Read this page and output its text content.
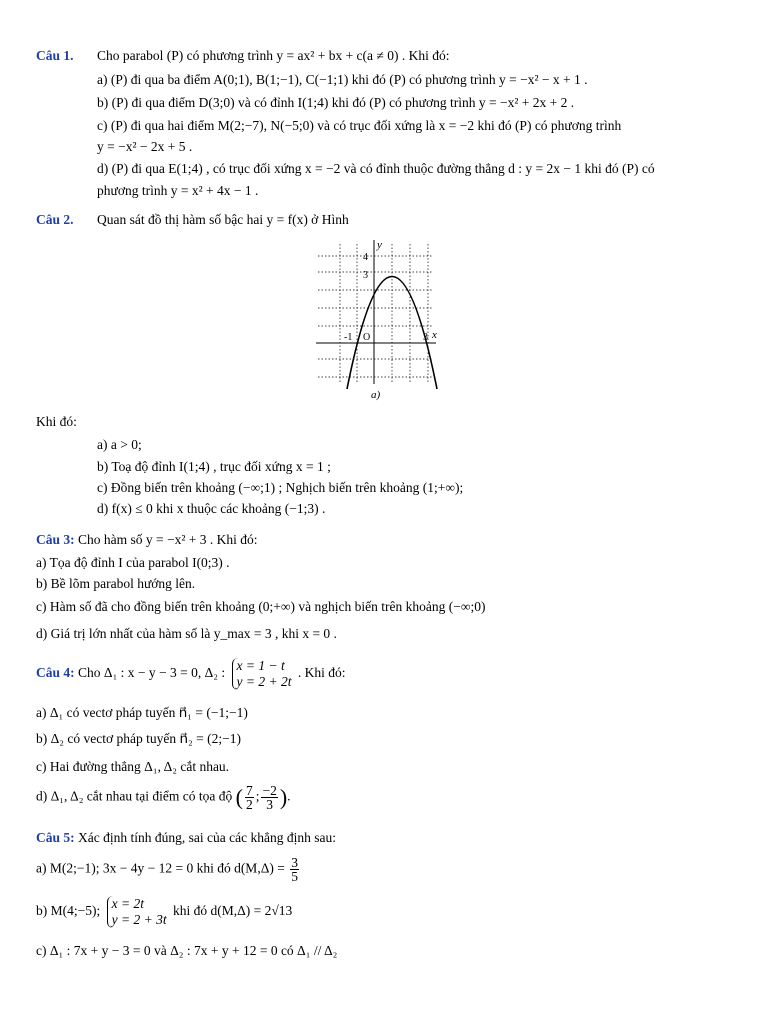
Câu 1. Cho parabol (P) có phương trình y = ax² + bx + c(a ≠ 0) . Khi đó:
a) (P) đi qua ba điểm A(0;1), B(1;−1), C(−1;1) khi đó (P) có phương trình y = −x² − x + 1 .
b) (P) đi qua điểm D(3;0) và có đỉnh I(1;4) khi đó (P) có phương trình y = −x² + 2x + 2 .
c) (P) đi qua hai điểm M(2;−7), N(−5;0) và có trục đối xứng là x = −2 khi đó (P) có phương trình
y = −x² − 2x + 5 .
d) (P) đi qua E(1;4) , có trục đối xứng x = −2 và có đỉnh thuộc đường thẳng d : y = 2x − 1 khi đó (P) có
phương trình y = x² + 4x − 1 .
Câu 2. Quan sát đồ thị hàm số bậc hai y = f(x) ở Hình
y
4
3
-1 O	3 x
a)
Khi đó:
a) a > 0;
b) Toạ độ đỉnh I(1;4) , trục đối xứng x = 1 ;
c) Đồng biến trên khoảng (−∞;1) ; Nghịch biến trên khoảng (1;+∞);
d) f(x) ≤ 0 khi x thuộc các khoảng (−1;3) .
Câu 3: Cho hàm số y = −x² + 3 . Khi đó:
a) Tọa độ đỉnh I của parabol I(0;3) .
b) Bề lõm parabol hướng lên.
c) Hàm số đã cho đồng biến trên khoảng (0;+∞) và nghịch biến trên khoảng (−∞;0)
d) Giá trị lớn nhất của hàm số là y_max = 3 , khi x = 0 .
Câu 4: Cho Δ₁ : x − y − 3 = 0, Δ₂ : x = 1 − t
y = 2 + 2t . Khi đó:
a) Δ₁ có vectơ pháp tuyến n⃗₁ = (−1;−1)
b) Δ₂ có vectơ pháp tuyến n⃗₂ = (2;−1)
c) Hai đường thẳng Δ₁, Δ₂ cắt nhau.
d) Δ₁, Δ₂ cắt nhau tại điểm có tọa độ ( $\frac{7}{2}$ ; $\frac{-2}{3}$ ).
Câu 5: Xác định tính đúng, sai của các khẳng định sau:
a) M(2;−1); 3x − 4y − 12 = 0 khi đó $d(M,\Delta) = \frac{3}{5}$
b) M(4;−5); x = 2t
y = 2 + 3t khi đó d(M,Δ) = 2√13
c) Δ₁ : 7x + y − 3 = 0 và Δ₂ : 7x + y + 12 = 0 có Δ₁ // Δ₂
